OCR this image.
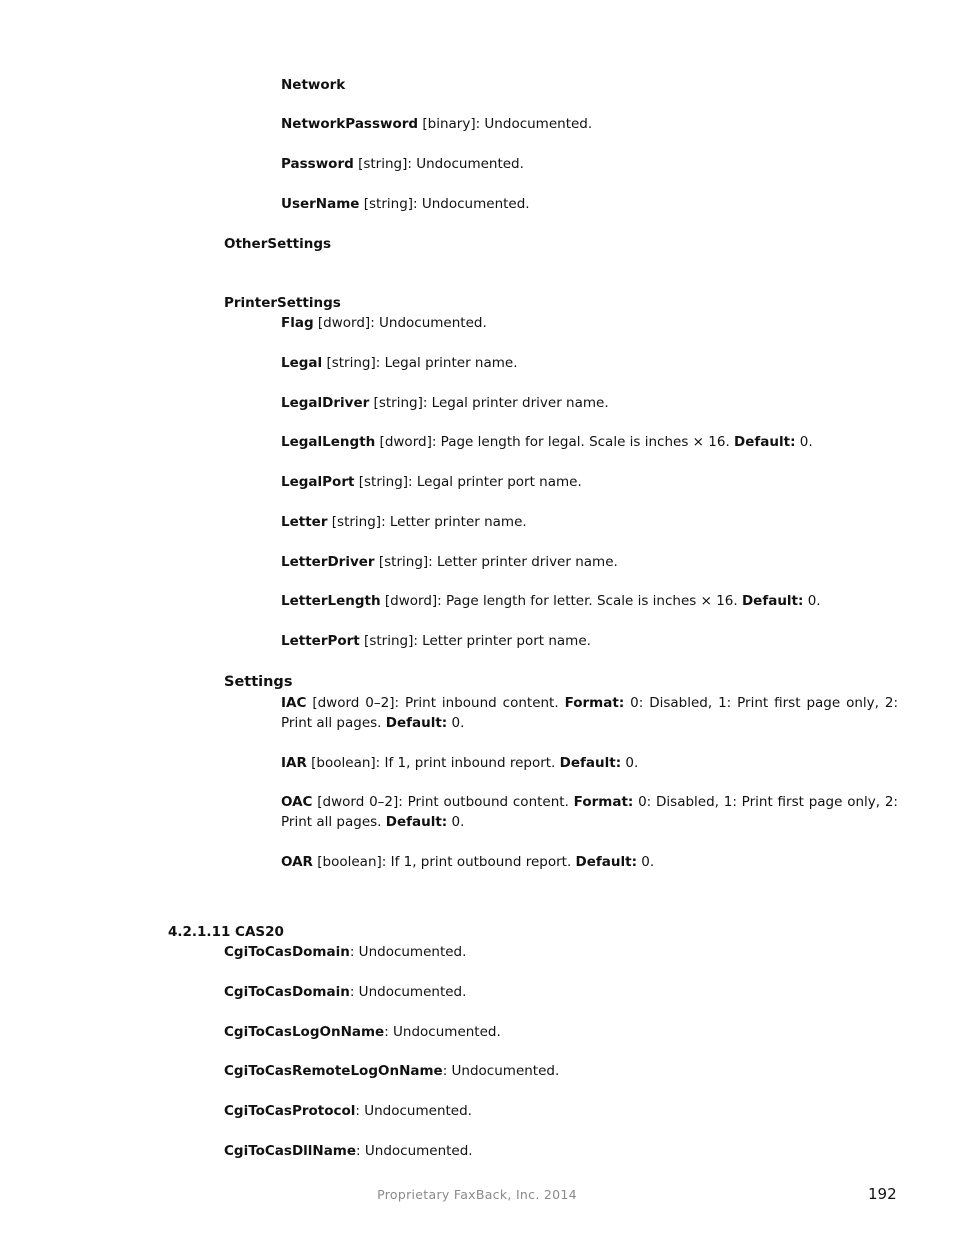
Network
NetworkPassword [binary]: Undocumented.
Password [string]: Undocumented.
UserName [string]: Undocumented.
OtherSettings
PrinterSettings
Flag [dword]: Undocumented.
Legal [string]: Legal printer name.
LegalDriver [string]: Legal printer driver name.
LegalLength [dword]: Page length for legal. Scale is inches × 16. Default: 0.
LegalPort [string]: Legal printer port name.
Letter [string]: Letter printer name.
LetterDriver [string]: Letter printer driver name.
LetterLength [dword]: Page length for letter. Scale is inches × 16. Default: 0.
LetterPort [string]: Letter printer port name.
Settings
IAC [dword 0–2]: Print inbound content. Format: 0: Disabled, 1: Print first page only, 2: Print all pages. Default: 0.
IAR [boolean]: If 1, print inbound report. Default: 0.
OAC [dword 0–2]: Print outbound content. Format: 0: Disabled, 1: Print first page only, 2: Print all pages. Default: 0.
OAR [boolean]: If 1, print outbound report. Default: 0.
4.2.1.11 CAS20
CgiToCasDomain: Undocumented.
CgiToCasDomain: Undocumented.
CgiToCasLogOnName: Undocumented.
CgiToCasRemoteLogOnName: Undocumented.
CgiToCasProtocol: Undocumented.
CgiToCasDllName: Undocumented.
Proprietary FaxBack, Inc. 2014	192
